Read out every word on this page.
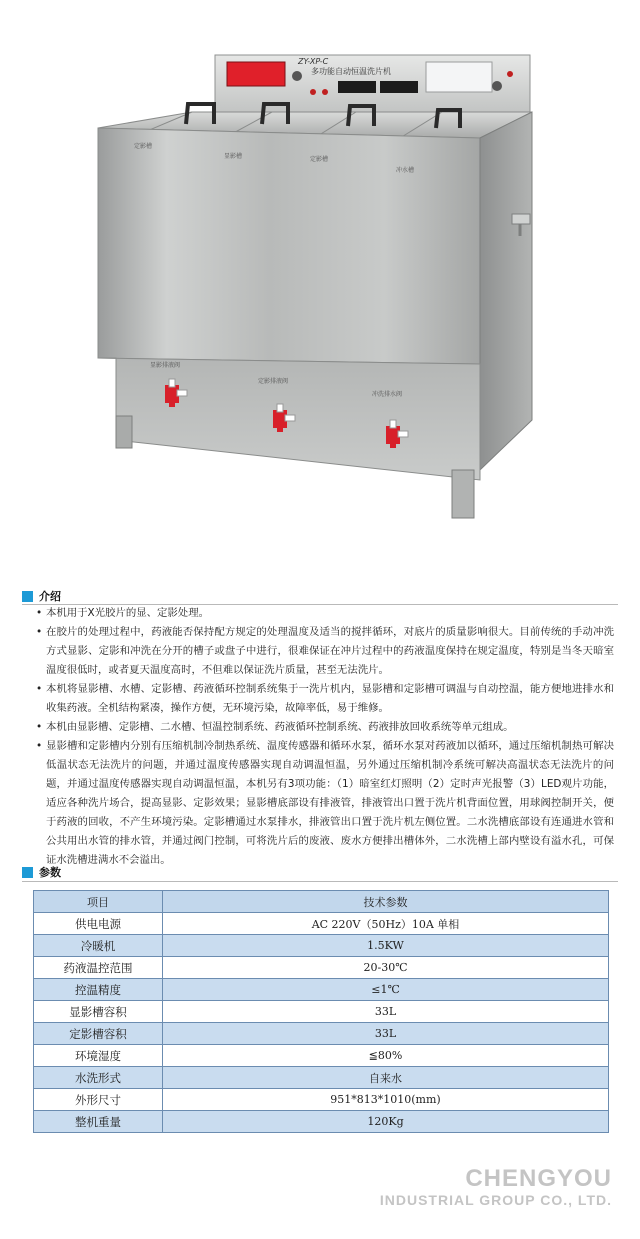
ZY-XP-C
多功能自动恒温洗片机
定影槽
显影槽	定影槽
冲水槽
显影排液阀
定影排液阀
冲洗排水阀
介绍
• 本机用于X光胶片的显、定影处理。
• 在胶片的处理过程中，药液能否保持配方规定的处理温度及适当的搅拌循环，对底片的质量影响很大。目前传统的手动冲洗方式显影、定影和冲洗在分开的槽子或盘子中进行，很难保证在冲片过程中的药液温度保持在规定温度，特别是当冬天暗室温度很低时，或者夏天温度高时，不但难以保证洗片质量，甚至无法洗片。
• 本机将显影槽、水槽、定影槽、药液循环控制系统集于一洗片机内，显影槽和定影槽可调温与自动控温，能方便地进排水和收集药液。全机结构紧凑，操作方便，无环境污染，故障率低，易于维修。
• 本机由显影槽、定影槽、二水槽、恒温控制系统、药液循环控制系统、药液排放回收系统等单元组成。
• 显影槽和定影槽内分别有压缩机制冷制热系统、温度传感器和循环水泵，循环水泵对药液加以循环，通过压缩机制热可解决低温状态无法洗片的问题，并通过温度传感器实现自动调温恒温，另外通过压缩机制冷系统可解决高温状态无法洗片的问题，并通过温度传感器实现自动调温恒温，本机另有3项功能：（1）暗室红灯照明（2）定时声光报警（3）LED观片功能，适应各种洗片场合，提高显影、定影效果；显影槽底部设有排液管，排液管出口置于洗片机背面位置，用球阀控制开关，便于药液的回收，不产生环境污染。定影槽通过水泵排水，排液管出口置于洗片机左侧位置。二水洗槽底部设有连通进水管和公共用出水管的排水管，并通过阀门控制，可将洗片后的废液、废水方便排出槽体外，二水洗槽上部内壁设有溢水孔，可保证水洗槽进满水不会溢出。
参数
项目	技术参数
供电电源	AC 220V（50Hz）10A 单相
冷暖机	1.5KW
药液温控范围	20-30℃
控温精度	≤1℃
显影槽容积	33L
定影槽容积	33L
环境湿度	≦80%
水洗形式	自来水
外形尺寸	951*813*1010(mm)
整机重量	120Kg
CHENGYOU
INDUSTRIAL GROUP CO., LTD.
